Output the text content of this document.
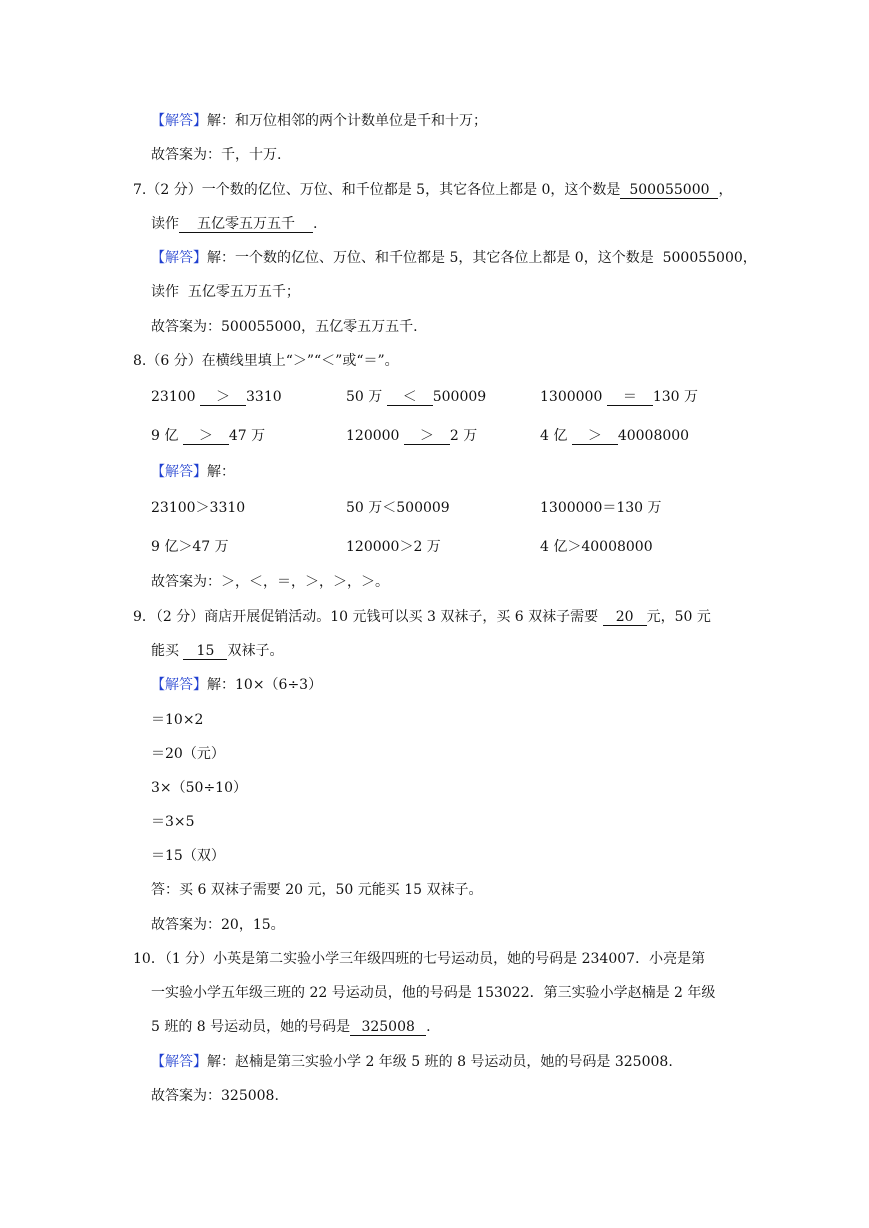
【解答】解：和万位相邻的两个计数单位是千和十万；
故答案为：千，十万.
7.（2 分）一个数的亿位、万位、和千位都是 5，其它各位上都是 0，这个数是 500055000 ，
读作 五亿零五万五千 .
【解答】解：一个数的亿位、万位、和千位都是 5，其它各位上都是 0，这个数是  500055000，
读作  五亿零五万五千；
故答案为：500055000，五亿零五万五千.
8.（6 分）在横线里填上“＞”“＜”或“＝”。
23100 ＞ 3310	50 万 ＜ 500009	1300000 ＝ 130 万
9 亿 ＞ 47 万	120000 ＞ 2 万	4 亿 ＞ 40008000
【解答】解：
23100＞3310	50 万＜500009	1300000＝130 万
9 亿＞47 万	120000＞2 万	4 亿＞40008000
故答案为：＞，＜，＝，＞，＞，＞。
9．（2 分）商店开展促销活动。10 元钱可以买 3 双袜子，买 6 双袜子需要 20 元，50 元
能买 15 双袜子。
【解答】解：10×（6÷3）
＝10×2
＝20（元）
3×（50÷10）
＝3×5
＝15（双）
答：买 6 双袜子需要 20 元，50 元能买 15 双袜子。
故答案为：20，15。
10．（1 分）小英是第二实验小学三年级四班的七号运动员，她的号码是 234007．小亮是第
一实验小学五年级三班的 22 号运动员，他的号码是 153022．第三实验小学赵楠是 2 年级
5 班的 8 号运动员，她的号码是 325008 .
【解答】解：赵楠是第三实验小学 2 年级 5 班的 8 号运动员，她的号码是 325008.
故答案为：325008.
